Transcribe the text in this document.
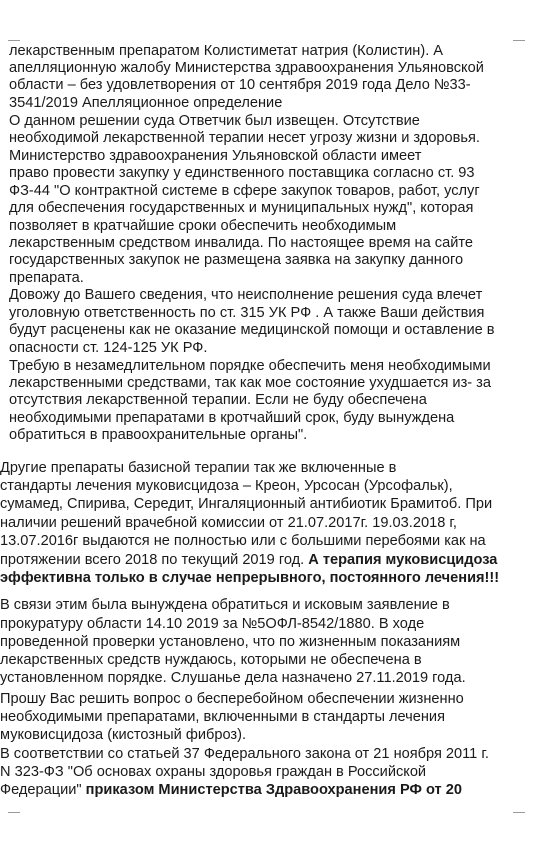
лекарственным препаратом Колистиметат натрия (Колистин). А
апелляционную жалобу Министерства здравоохранения Ульяновской
области – без удовлетворения от 10 сентября 2019 года Дело №33-
3541/2019 Апелляционное определение
О данном решении суда Ответчик был извещен. Отсутствие
необходимой лекарственной терапии несет угрозу жизни и здоровья.
Министерство здравоохранения Ульяновской области имеет
право провести закупку у единственного поставщика согласно ст. 93
ФЗ-44 "О контрактной системе в сфере закупок товаров, работ, услуг
для обеспечения государственных и муниципальных нужд", которая
позволяет в кратчайшие сроки обеспечить необходимым
лекарственным средством инвалида. По настоящее время на сайте
государственных закупок не размещена заявка на закупку данного
препарата.
Довожу до Вашего сведения, что неисполнение решения суда влечет
уголовную ответственность по ст. 315 УК РФ . А также Ваши действия
будут расценены как не оказание медицинской помощи и оставление в
опасности ст. 124-125 УК РФ.
Требую в незамедлительном порядке обеспечить меня необходимыми
лекарственными средствами, так как мое состояние ухудшается из- за
отсутствия лекарственной терапии. Если не буду обеспечена
необходимыми препаратами в кротчайший срок, буду вынуждена
обратиться в правоохранительные органы".
Другие препараты базисной терапии так же включенные в
стандарты лечения муковисцидоза – Креон, Урсосан (Урсофальк),
сумамед, Спирива, Середит, Ингаляционный антибиотик Брамитоб. При
наличии решений врачебной комиссии от 21.07.2017г. 19.03.2018 г,
13.07.2016г выдаются не полностью или с большими перебоями как на
протяжении всего 2018 по текущий 2019 год. А терапия муковисцидоза
эффективна только в случае непрерывного, постоянного лечения!!!
В связи этим была вынуждена обратиться и исковым заявление в
прокуратуру области 14.10 2019 за №5ОФЛ-8542/1880. В ходе
проведенной проверки установлено, что по жизненным показаниям
лекарственных средств нуждаюсь, которыми не обеспечена в
установленном порядке. Слушанье дела назначено 27.11.2019 года.
Прошу Вас решить вопрос о бесперебойном обеспечении жизненно
необходимыми препаратами, включенными в стандарты лечения
муковисцидоза (кистозный фиброз).
В соответствии со статьей 37 Федерального закона от 21 ноября 2011 г.
N 323-ФЗ "Об основах охраны здоровья граждан в Российской
Федерации" приказом Министерства Здравоохранения РФ от 20
